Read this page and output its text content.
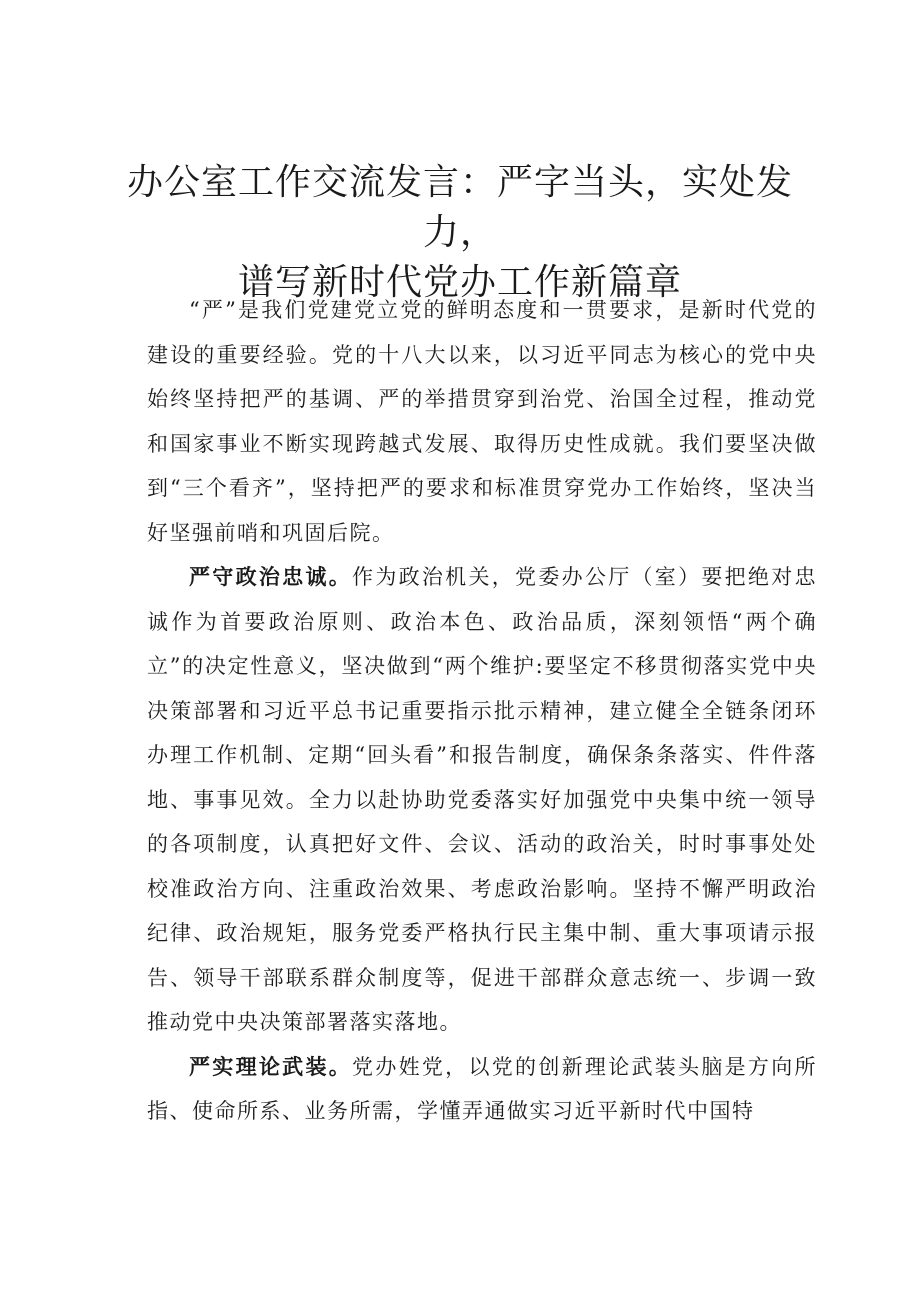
办公室工作交流发言：严字当头，实处发力，
谱写新时代党办工作新篇章

“严”是我们党建党立党的鲜明态度和一贯要求，是新时代党的建设的重要经验。党的十八大以来，以习近平同志为核心的党中央始终坚持把严的基调、严的举措贯穿到治党、治国全过程，推动党和国家事业不断实现跨越式发展、取得历史性成就。我们要坚决做到“三个看齐”，坚持把严的要求和标准贯穿党办工作始终，坚决当好坚强前哨和巩固后院。

严守政治忠诚。作为政治机关，党委办公厅（室）要把绝对忠诚作为首要政治原则、政治本色、政治品质，深刻领悟“两个确立”的决定性意义，坚决做到“两个维护:要坚定不移贯彻落实党中央决策部署和习近平总书记重要指示批示精神，建立健全全链条闭环办理工作机制、定期“回头看”和报告制度，确保条条落实、件件落地、事事见效。全力以赴协助党委落实好加强党中央集中统一领导的各项制度，认真把好文件、会议、活动的政治关，时时事事处处校准政治方向、注重政治效果、考虑政治影响。坚持不懈严明政治纪律、政治规矩，服务党委严格执行民主集中制、重大事项请示报告、领导干部联系群众制度等，促进干部群众意志统一、步调一致推动党中央决策部署落实落地。

严实理论武装。党办姓党，以党的创新理论武装头脑是方向所指、使命所系、业务所需，学懂弄通做实习近平新时代中国特
